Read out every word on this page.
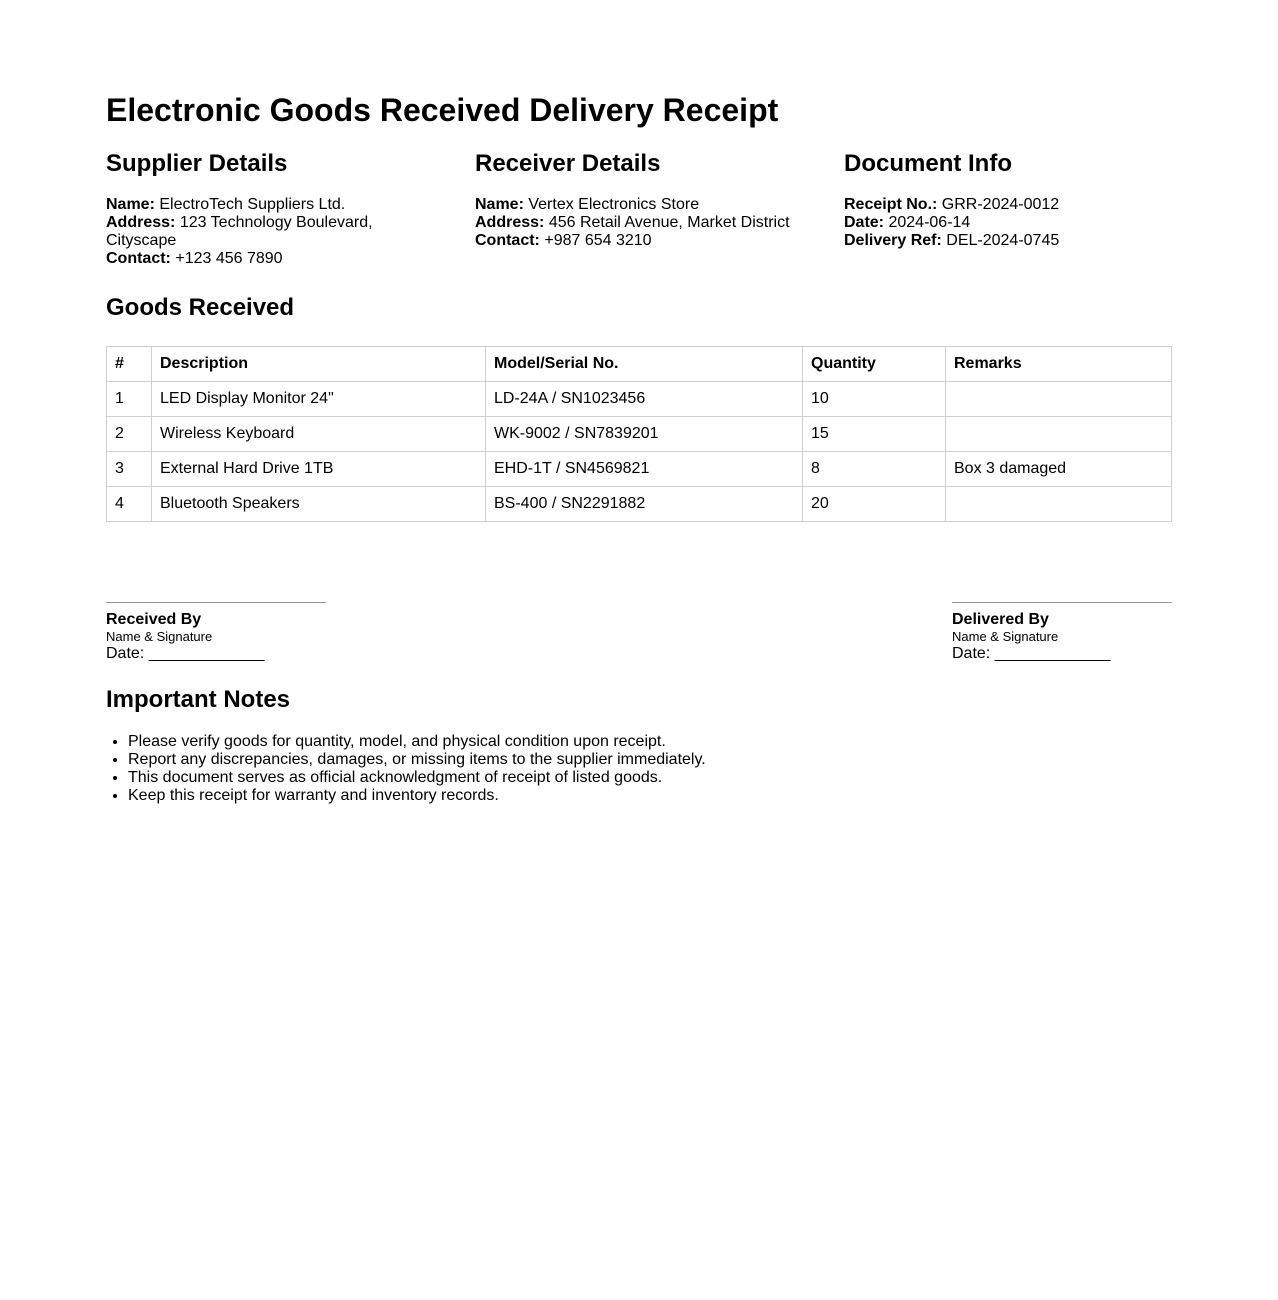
Electronic Goods Received Delivery Receipt
Supplier Details
Name: ElectroTech Suppliers Ltd.
Address: 123 Technology Boulevard, Cityscape
Contact: +123 456 7890
Receiver Details
Name: Vertex Electronics Store
Address: 456 Retail Avenue, Market District
Contact: +987 654 3210
Document Info
Receipt No.: GRR-2024-0012
Date: 2024-06-14
Delivery Ref: DEL-2024-0745
Goods Received
#	Description	Model/Serial No.	Quantity	Remarks
1	LED Display Monitor 24"	LD-24A / SN1023456	10	
2	Wireless Keyboard	WK-9002 / SN7839201	15	
3	External Hard Drive 1TB	EHD-1T / SN4569821	8	Box 3 damaged
4	Bluetooth Speakers	BS-400 / SN2291882	20	
Received By
Name & Signature
Date: _____________
Delivered By
Name & Signature
Date: _____________
Important Notes
• Please verify goods for quantity, model, and physical condition upon receipt.
• Report any discrepancies, damages, or missing items to the supplier immediately.
• This document serves as official acknowledgment of receipt of listed goods.
• Keep this receipt for warranty and inventory records.
